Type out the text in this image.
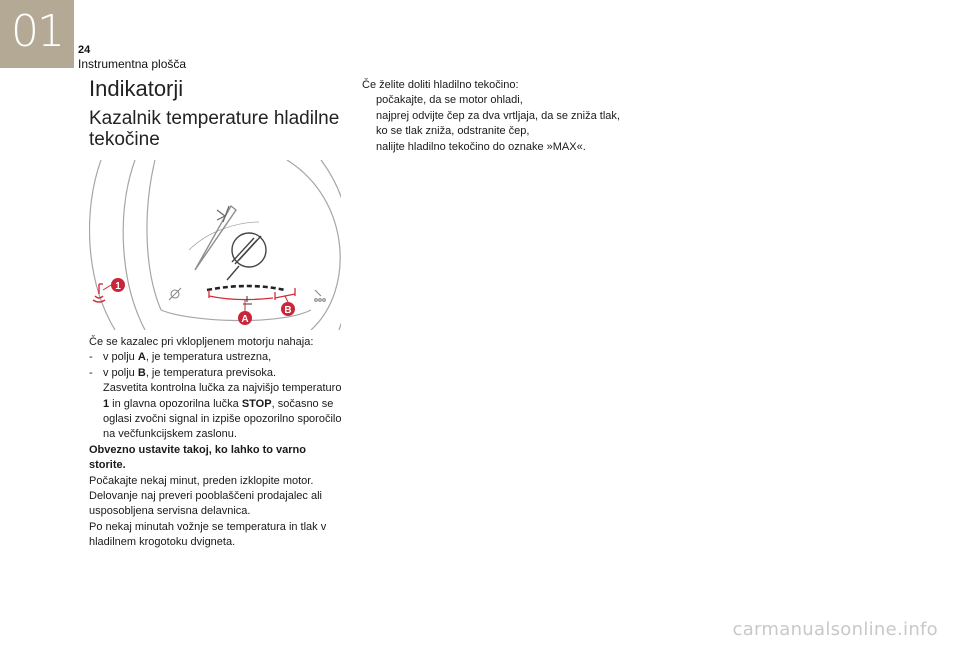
01	24
Instrumentna plošča
Indikatorji
Kazalnik temperature hladilne tekočine
1
A
B

Če se kazalec pri vklopljenem motorju nahaja:

- v polju A, je temperatura ustrezna,
- v polju B, je temperatura previsoka.
Zasvetita kontrolna lučka za najvišjo temperaturo 1 in glavna opozorilna lučka STOP, sočasno se oglasi zvočni signal in izpiše opozorilno sporočilo na večfunkcijskem zaslonu.

Obvezno ustavite takoj, ko lahko to varno storite.

Počakajte nekaj minut, preden izklopite motor. Delovanje naj preveri pooblaščeni prodajalec ali usposobljena servisna delavnica.

Po nekaj minutah vožnje se temperatura in tlak v hladilnem krogotoku dvigneta.

Če želite doliti hladilno tekočino:

počakajte, da se motor ohladi,
najprej odvijte čep za dva vrtljaja, da se zniža tlak,
ko se tlak zniža, odstranite čep,
nalijte hladilno tekočino do oznake »MAX«.
carmanualsonline.info
